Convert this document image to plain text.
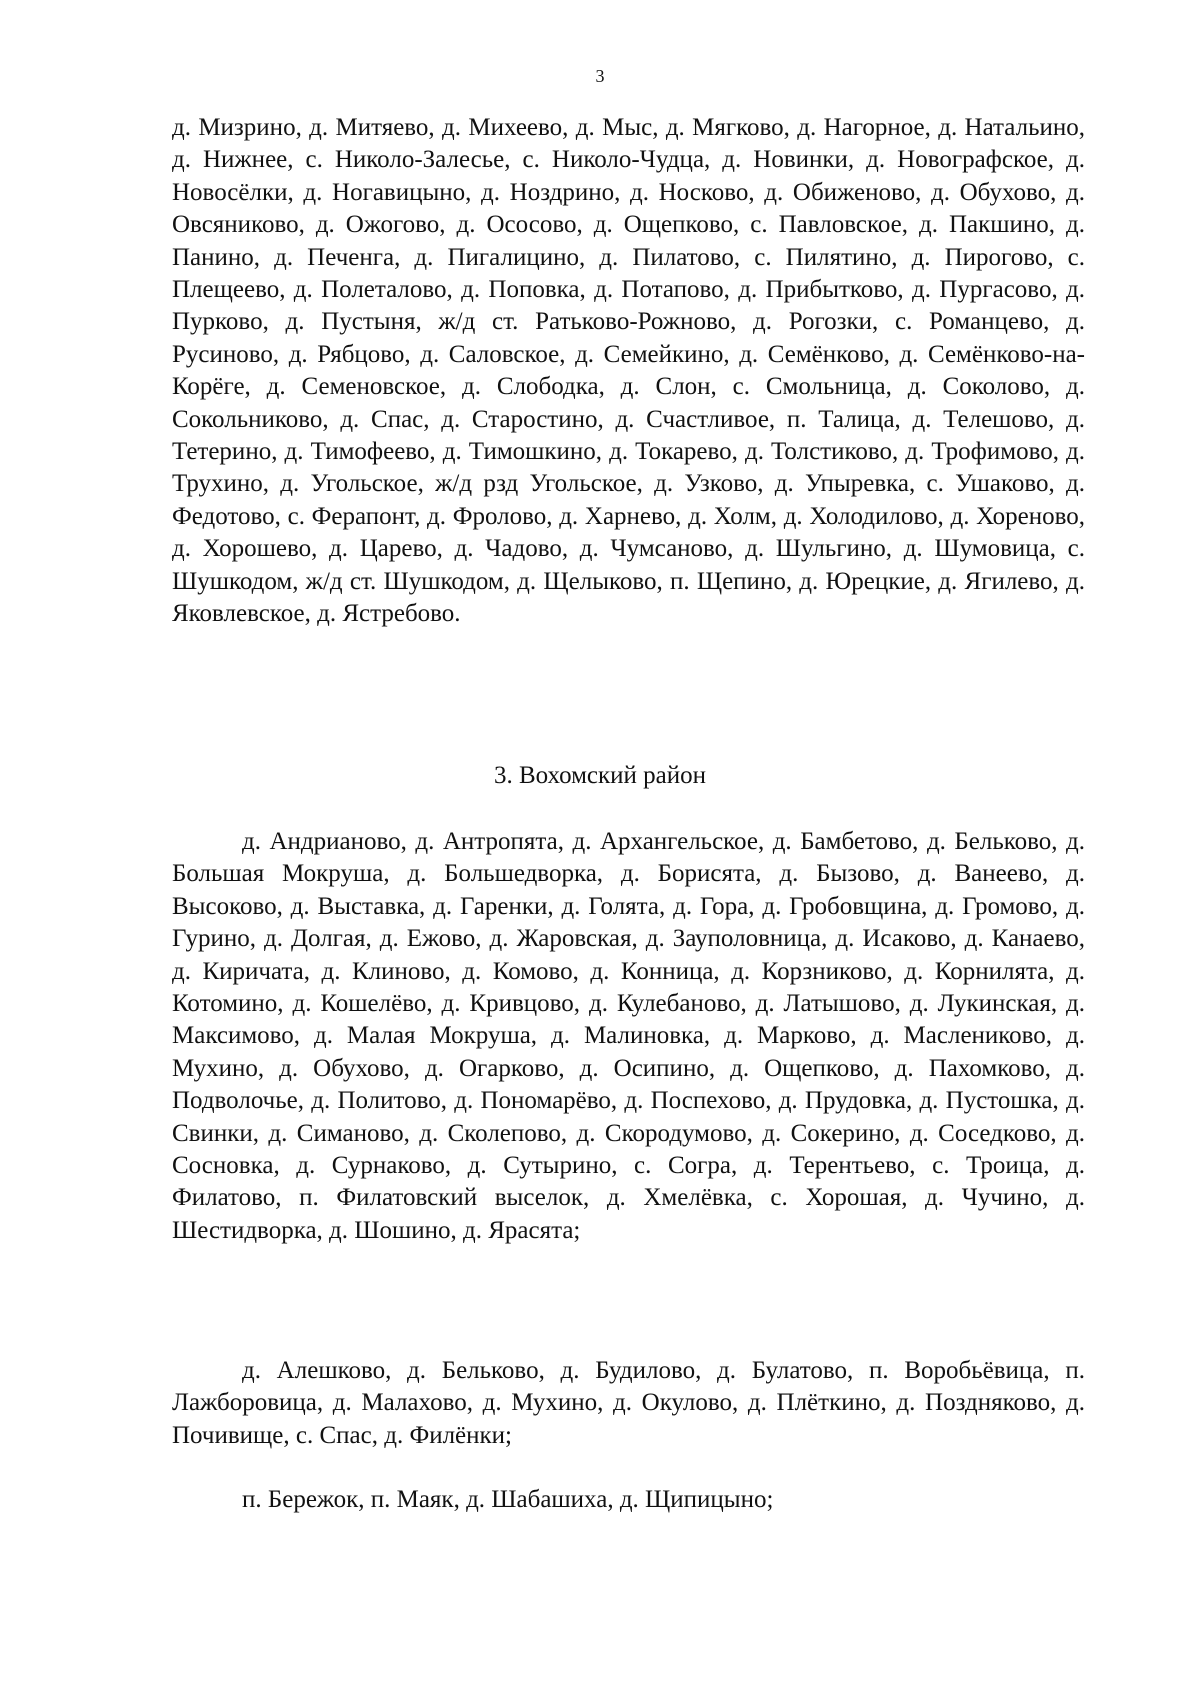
3
д. Мизрино, д. Митяево, д. Михеево, д. Мыс, д. Мягково, д. Нагорное, д. Натальино, д. Нижнее, с. Николо-Залесье, с. Николо-Чудца, д. Новинки, д. Новографское, д. Новосёлки, д. Ногавицыно, д. Ноздрино, д. Носково, д. Обиженово, д. Обухово, д. Овсяниково, д. Ожогово, д. Ососово, д. Ощепково, с. Павловское, д. Пакшино, д. Панино, д. Печенга, д. Пигалицино, д. Пилатово, с. Пилятино, д. Пирогово, с. Плещеево, д. Полеталово, д. Поповка, д. Потапово, д. Прибытково, д. Пургасово, д. Пурково, д. Пустыня, ж/д ст. Ратьково-Рожново, д. Рогозки, с. Романцево, д. Русиново, д. Рябцово, д. Саловское, д. Семейкино, д. Семёнково, д. Семёнково-на-Корёге, д. Семеновское, д. Слободка, д. Слон, с. Смольница, д. Соколово, д. Сокольниково, д. Спас, д. Старостино, д. Счастливое, п. Талица, д. Телешово, д. Тетерино, д. Тимофеево, д. Тимошкино, д. Токарево, д. Толстиково, д. Трофимово, д. Трухино, д. Угольское, ж/д рзд Угольское, д. Узково, д. Упыревка, с. Ушаково, д. Федотово, с. Ферапонт, д. Фролово, д. Харнево, д. Холм, д. Холодилово, д. Хореново, д. Хорошево, д. Царево, д. Чадово, д. Чумсаново, д. Шульгино, д. Шумовица, с. Шушкодом, ж/д ст. Шушкодом, д. Щелыково, п. Щепино, д. Юрецкие, д. Ягилево, д. Яковлевское, д. Ястребово.
3. Вохомский район
д. Андрианово, д. Антропята, д. Архангельское, д. Бамбетово, д. Бельково, д. Большая Мокруша, д. Большедворка, д. Борисята, д. Бызово, д. Ванеево, д. Высоково, д. Выставка, д. Гаренки, д. Голята, д. Гора, д. Гробовщина, д. Громово, д. Гурино, д. Долгая, д. Ежово, д. Жаровская, д. Зауполовница, д. Исаково, д. Канаево, д. Киричата, д. Клиново, д. Комово, д. Конница, д. Корзниково, д. Корнилята, д. Котомино, д. Кошелёво, д. Кривцово, д. Кулебаново, д. Латышово, д. Лукинская, д. Максимово, д. Малая Мокруша, д. Малиновка, д. Марково, д. Маслениково, д. Мухино, д. Обухово, д. Огарково, д. Осипино, д. Ощепково, д. Пахомково, д. Подволочье, д. Политово, д. Пономарёво, д. Поспехово, д. Прудовка, д. Пустошка, д. Свинки, д. Симаново, д. Сколепово, д. Скородумово, д. Сокерино, д. Соседково, д. Сосновка, д. Сурнаково, д. Сутырино, с. Согра, д. Терентьево, с. Троица, д. Филатово, п. Филатовский выселок, д. Хмелёвка, с. Хорошая, д. Чучино, д. Шестидворка, д. Шошино, д. Ярасята;
д. Алешково, д. Бельково, д. Будилово, д. Булатово, п. Воробьёвица, п. Лажборовица, д. Малахово, д. Мухино, д. Окулово, д. Плёткино, д. Поздняково, д. Почивище, с. Спас, д. Филёнки;
п. Бережок, п. Маяк, д. Шабашиха, д. Щипицыно;
